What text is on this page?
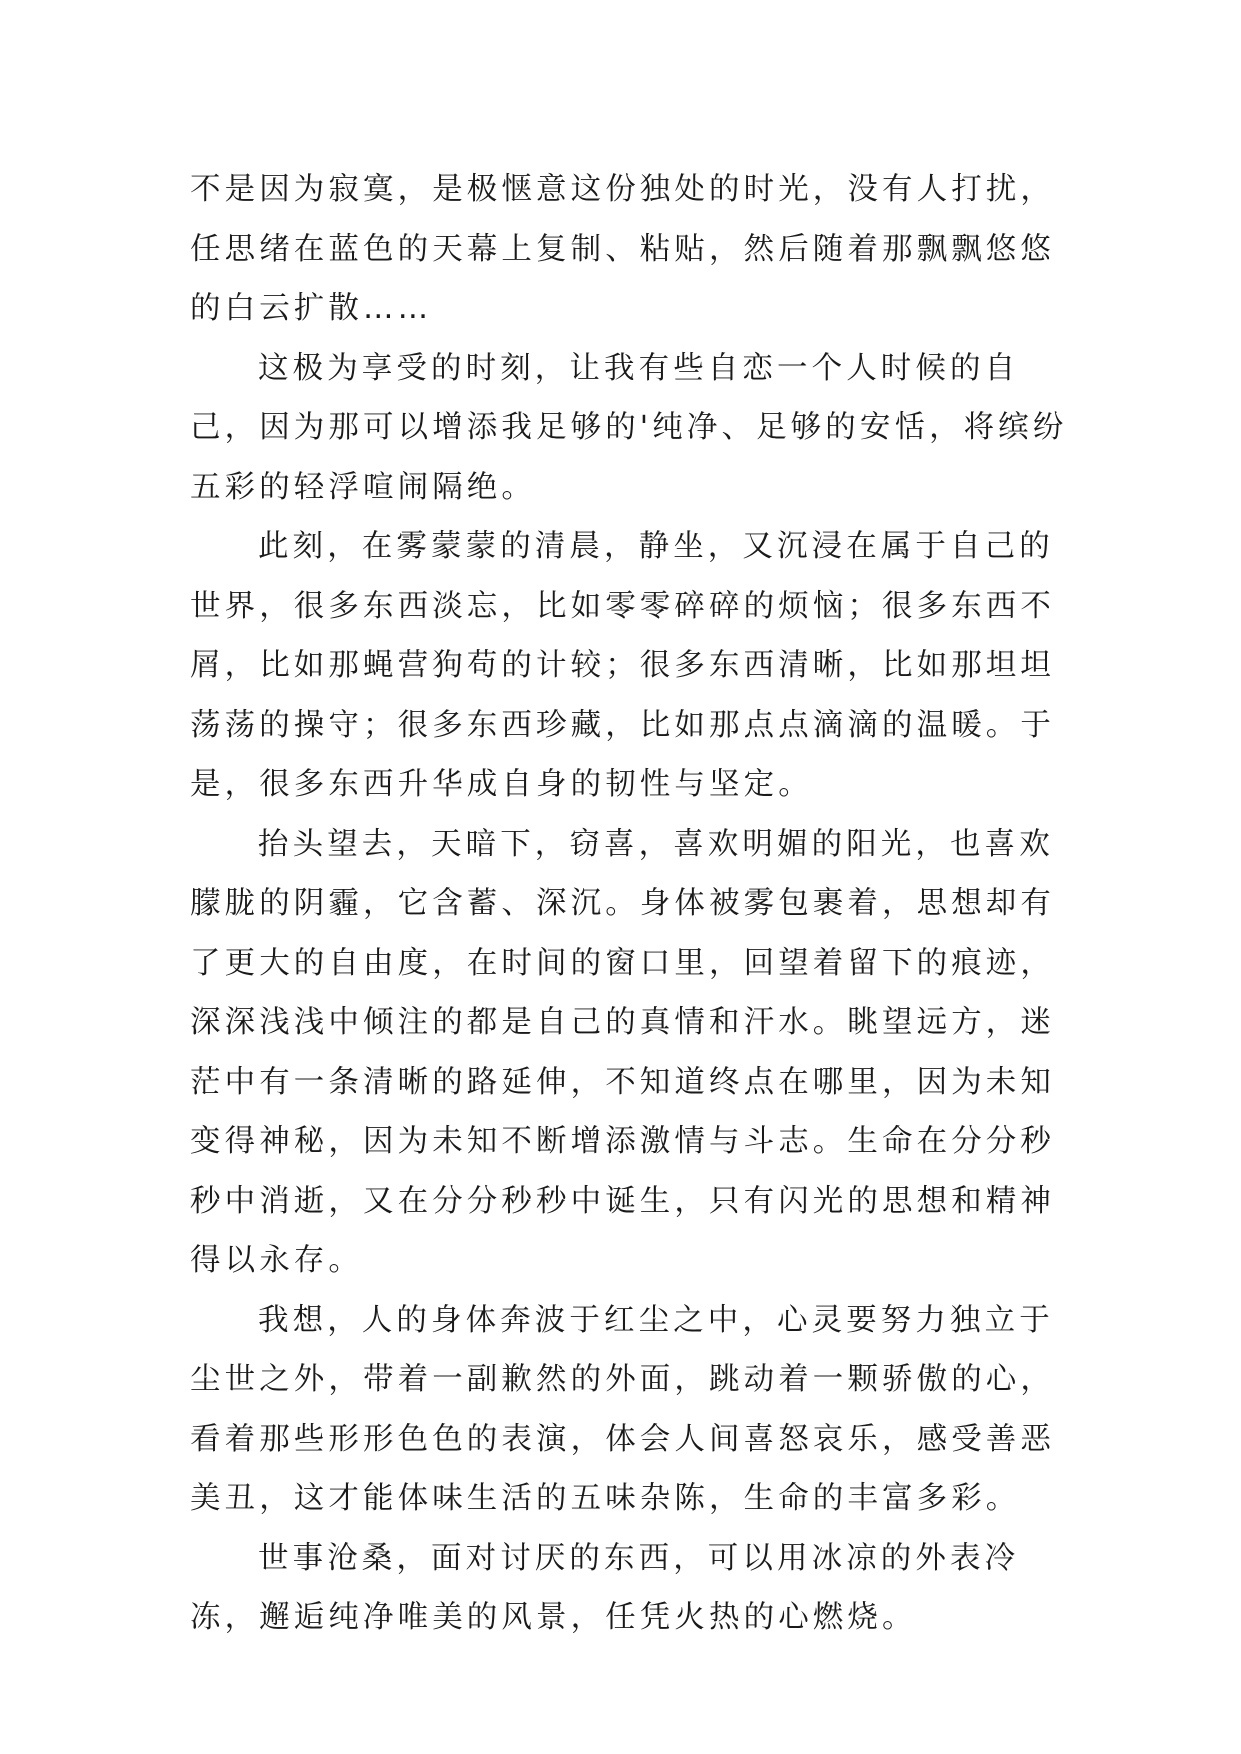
不是因为寂寞，是极惬意这份独处的时光，没有人打扰，任思绪在蓝色的天幕上复制、粘贴，然后随着那飘飘悠悠的白云扩散……

这极为享受的时刻，让我有些自恋一个人时候的自己，因为那可以增添我足够的'纯净、足够的安恬，将缤纷五彩的轻浮喧闹隔绝。

此刻，在雾蒙蒙的清晨，静坐，又沉浸在属于自己的世界，很多东西淡忘，比如零零碎碎的烦恼；很多东西不屑，比如那蝇营狗苟的计较；很多东西清晰，比如那坦坦荡荡的操守；很多东西珍藏，比如那点点滴滴的温暖。于是，很多东西升华成自身的韧性与坚定。

抬头望去，天暗下，窃喜，喜欢明媚的阳光，也喜欢朦胧的阴霾，它含蓄、深沉。身体被雾包裹着，思想却有了更大的自由度，在时间的窗口里，回望着留下的痕迹，深深浅浅中倾注的都是自己的真情和汗水。眺望远方，迷茫中有一条清晰的路延伸，不知道终点在哪里，因为未知变得神秘，因为未知不断增添激情与斗志。生命在分分秒秒中消逝，又在分分秒秒中诞生，只有闪光的思想和精神得以永存。

我想，人的身体奔波于红尘之中，心灵要努力独立于尘世之外，带着一副歉然的外面，跳动着一颗骄傲的心，看着那些形形色色的表演，体会人间喜怒哀乐，感受善恶美丑，这才能体味生活的五味杂陈，生命的丰富多彩。

世事沧桑，面对讨厌的东西，可以用冰凉的外表冷冻，邂逅纯净唯美的风景，任凭火热的心燃烧。
